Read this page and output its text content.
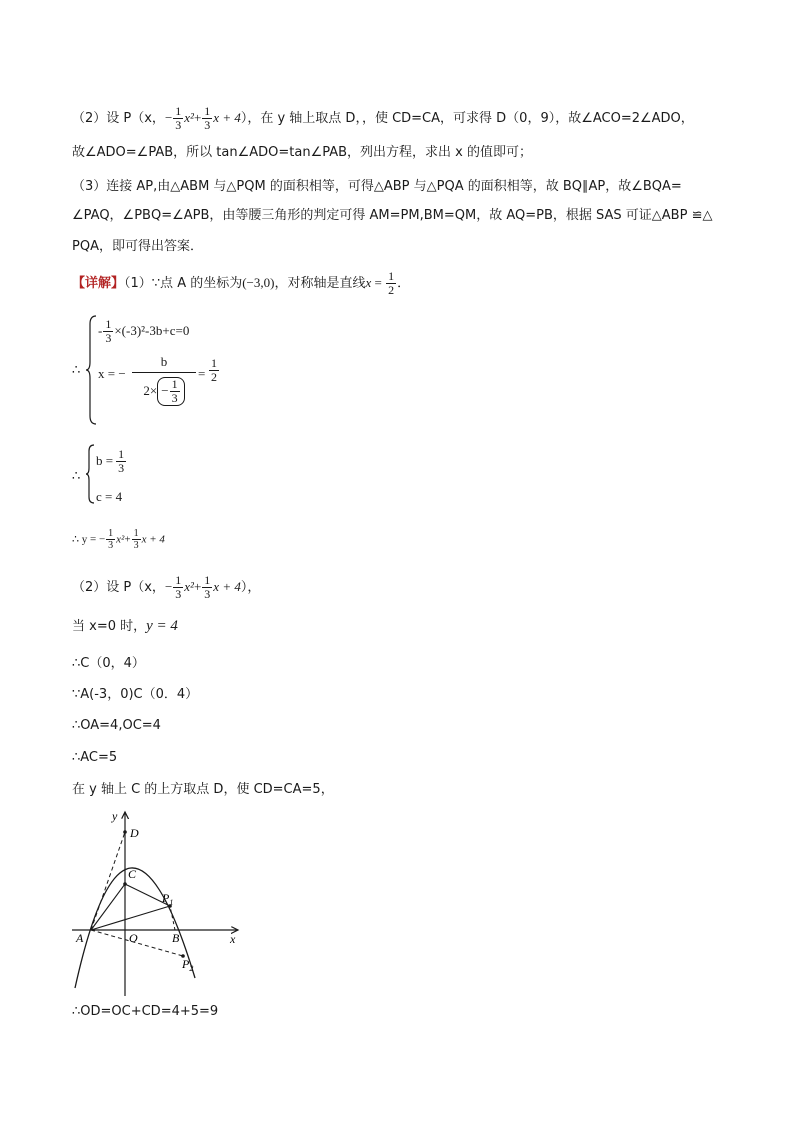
（2）设 P（x，− $\frac{1}{3} x^2+ \frac{1}{3}$ x + 4），在 y 轴上取点 D，，使 CD=CA，可求得 D（0，9），故∠ACO=2∠ADO，
故∠ADO=∠PAB，所以 tan∠ADO=tan∠PAB，列出方程，求出 x 的值即可；
（3）连接 AP,由△ABM 与△PQM 的面积相等，可得△ABP 与△PQA 的面积相等，故 BQ∥AP，故∠BQA=
∠PAQ，∠PBQ=∠APB，由等腰三角形的判定可得 AM=PM,BM=QM，故 AQ=PB，根据 SAS 可证△ABP ≌△
PQA，即可得出答案．
【详解】（1）∵点 A 的坐标为(−3,0)，对称轴是直线$x = \frac{1}{2}$ ．
∴
- $\frac{1}{3} \times(-3)^2-3b+c=0$
x = −
b
$2\times - \frac{1}{3}$
= $\frac{1}{2}$
∴
$b = \frac{1}{3}$
c = 4
∴ y = − $\frac{1}{3} x^2+ \frac{1}{3}$ x + 4
（2）设 P（x，− $\frac{1}{3} x^2+ \frac{1}{3}$ x + 4），
当 x=0 时，y = 4
∴C（0，4）
∵A(-3，0)C（0．4）
∴OA=4,OC=4
∴AC=5
在 y 轴上 C 的上方取点 D，使 CD=CA=5，
y
x
D
C
A	O	B
$P_1$
$P_2$
∴OD=OC+CD=4+5=9
